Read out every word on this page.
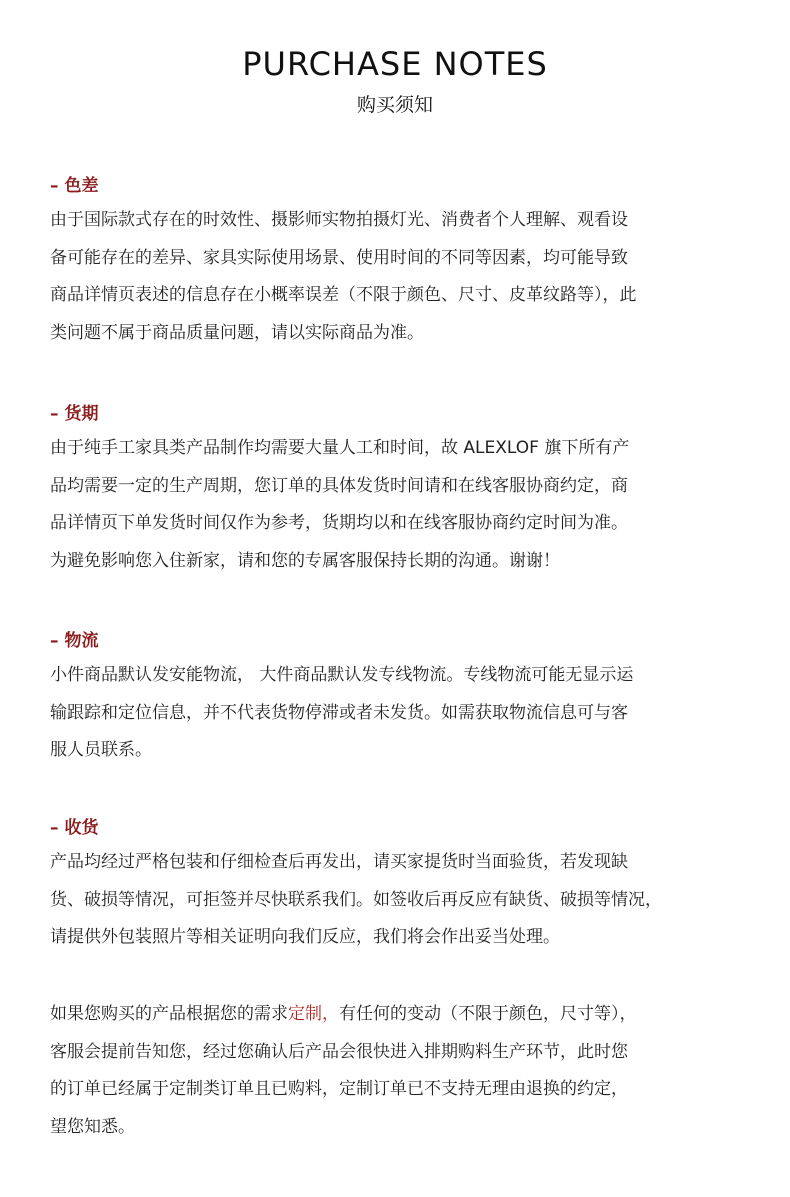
PURCHASE NOTES
购买须知
– 色差
由于国际款式存在的时效性、摄影师实物拍摄灯光、消费者个人理解、观看设
备可能存在的差异、家具实际使用场景、使用时间的不同等因素，均可能导致
商品详情页表述的信息存在小概率误差（不限于颜色、尺寸、皮革纹路等），此
类问题不属于商品质量问题，请以实际商品为准。
– 货期
由于纯手工家具类产品制作均需要大量人工和时间，故 ALEXLOF 旗下所有产
品均需要一定的生产周期，您订单的具体发货时间请和在线客服协商约定，商
品详情页下单发货时间仅作为参考，货期均以和在线客服协商约定时间为准。
为避免影响您入住新家，请和您的专属客服保持长期的沟通。谢谢！
– 物流
小件商品默认发安能物流， 大件商品默认发专线物流。专线物流可能无显示运
输跟踪和定位信息，并不代表货物停滞或者未发货。如需获取物流信息可与客
服人员联系。
– 收货
产品均经过严格包装和仔细检查后再发出，请买家提货时当面验货，若发现缺
货、破损等情况，可拒签并尽快联系我们。如签收后再反应有缺货、破损等情况，
请提供外包装照片等相关证明向我们反应，我们将会作出妥当处理。
如果您购买的产品根据您的需求定制，有任何的变动（不限于颜色，尺寸等），
客服会提前告知您，经过您确认后产品会很快进入排期购料生产环节，此时您
的订单已经属于定制类订单且已购料，定制订单已不支持无理由退换的约定，
望您知悉。
